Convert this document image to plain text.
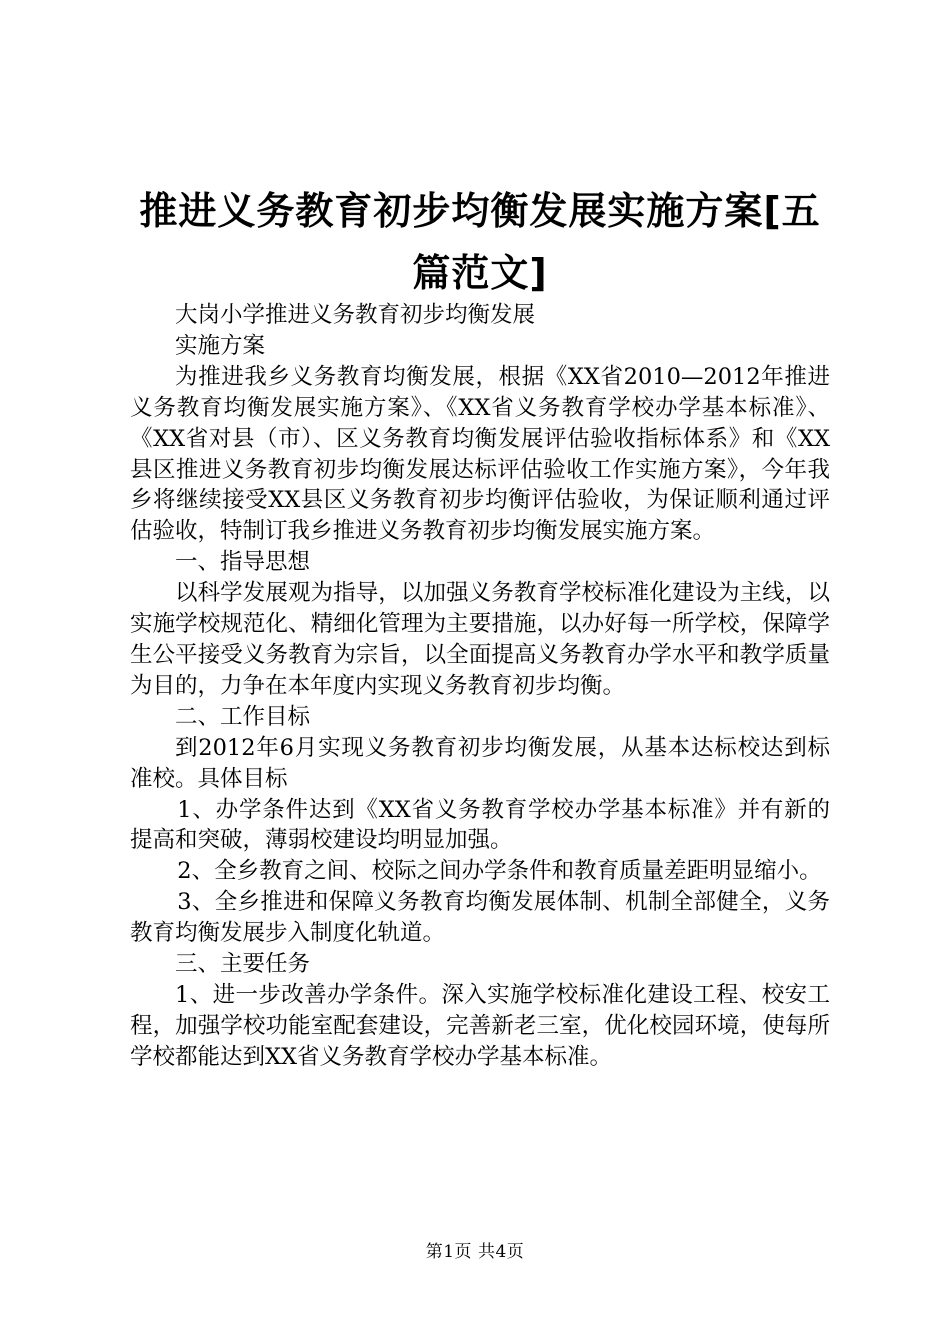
推进义务教育初步均衡发展实施方案[五篇范文]

大岗小学推进义务教育初步均衡发展

实施方案

为推进我乡义务教育均衡发展，根据《XX省2010—2012年推进义务教育均衡发展实施方案》、《XX省义务教育学校办学基本标准》、《XX省对县（市）、区义务教育均衡发展评估验收指标体系》和《XX县区推进义务教育初步均衡发展达标评估验收工作实施方案》，今年我乡将继续接受XX县区义务教育初步均衡评估验收，为保证顺利通过评估验收，特制订我乡推进义务教育初步均衡发展实施方案。

一、指导思想

以科学发展观为指导，以加强义务教育学校标准化建设为主线，以实施学校规范化、精细化管理为主要措施，以办好每一所学校，保障学生公平接受义务教育为宗旨，以全面提高义务教育办学水平和教学质量为目的，力争在本年度内实现义务教育初步均衡。

二、工作目标

到2012年6月实现义务教育初步均衡发展，从基本达标校达到标准校。具体目标

1、办学条件达到《XX省义务教育学校办学基本标准》并有新的提高和突破，薄弱校建设均明显加强。

2、全乡教育之间、校际之间办学条件和教育质量差距明显缩小。

3、全乡推进和保障义务教育均衡发展体制、机制全部健全，义务教育均衡发展步入制度化轨道。

三、主要任务

1、进一步改善办学条件。深入实施学校标准化建设工程、校安工程，加强学校功能室配套建设，完善新老三室，优化校园环境，使每所学校都能达到XX省义务教育学校办学基本标准。

第1页 共4页
